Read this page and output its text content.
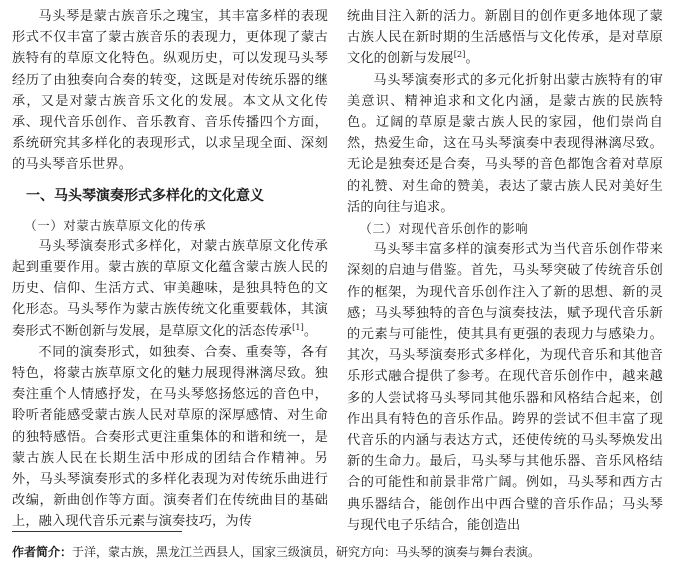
马头琴是蒙古族音乐之瑰宝，其丰富多样的表现形式不仅丰富了蒙古族音乐的表现力，更体现了蒙古族特有的草原文化特色。纵观历史，可以发现马头琴经历了由独奏向合奏的转变，这既是对传统乐器的继承，又是对蒙古族音乐文化的发展。本文从文化传承、现代音乐创作、音乐教育、音乐传播四个方面，系统研究其多样化的表现形式，以求呈现全面、深刻的马头琴音乐世界。

一、马头琴演奏形式多样化的文化意义

（一）对蒙古族草原文化的传承

马头琴演奏形式多样化，对蒙古族草原文化传承起到重要作用。蒙古族的草原文化蕴含蒙古族人民的历史、信仰、生活方式、审美趣味，是独具特色的文化形态。马头琴作为蒙古族传统文化重要载体，其演奏形式不断创新与发展，是草原文化的活态传承[1]。

不同的演奏形式，如独奏、合奏、重奏等，各有特色，将蒙古族草原文化的魅力展现得淋漓尽致。独奏注重个人情感抒发，在马头琴悠扬悠远的音色中，聆听者能感受蒙古族人民对草原的深厚感情、对生命的独特感悟。合奏形式更注重集体的和谐和统一，是蒙古族人民在长期生活中形成的团结合作精神。另外，马头琴演奏形式的多样化表现为对传统乐曲进行改编，新曲创作等方面。演奏者们在传统曲目的基础上，融入现代音乐元素与演奏技巧，为传

统曲目注入新的活力。新剧目的创作更多地体现了蒙古族人民在新时期的生活感悟与文化传承，是对草原文化的创新与发展[2]。

马头琴演奏形式的多元化折射出蒙古族特有的审美意识、精神追求和文化内涵，是蒙古族的民族特色。辽阔的草原是蒙古族人民的家园，他们崇尚自然，热爱生命，这在马头琴演奏中表现得淋漓尽致。无论是独奏还是合奏，马头琴的音色都饱含着对草原的礼赞、对生命的赞美，表达了蒙古族人民对美好生活的向往与追求。

（二）对现代音乐创作的影响

马头琴丰富多样的演奏形式为当代音乐创作带来深刻的启迪与借鉴。首先，马头琴突破了传统音乐创作的框架，为现代音乐创作注入了新的思想、新的灵感；马头琴独特的音色与演奏技法，赋予现代音乐新的元素与可能性，使其具有更强的表现力与感染力。其次，马头琴演奏形式多样化，为现代音乐和其他音乐形式融合提供了参考。在现代音乐创作中，越来越多的人尝试将马头琴同其他乐器和风格结合起来，创作出具有特色的音乐作品。跨界的尝试不但丰富了现代音乐的内涵与表达方式，还使传统的马头琴焕发出新的生命力。最后，马头琴与其他乐器、音乐风格结合的可能性和前景非常广阔。例如，马头琴和西方古典乐器结合，能创作出中西合璧的音乐作品；马头琴与现代电子乐结合，能创造出

作者简介：于洋，蒙古族，黑龙江兰西县人，国家三级演员，研究方向：马头琴的演奏与舞台表演。
